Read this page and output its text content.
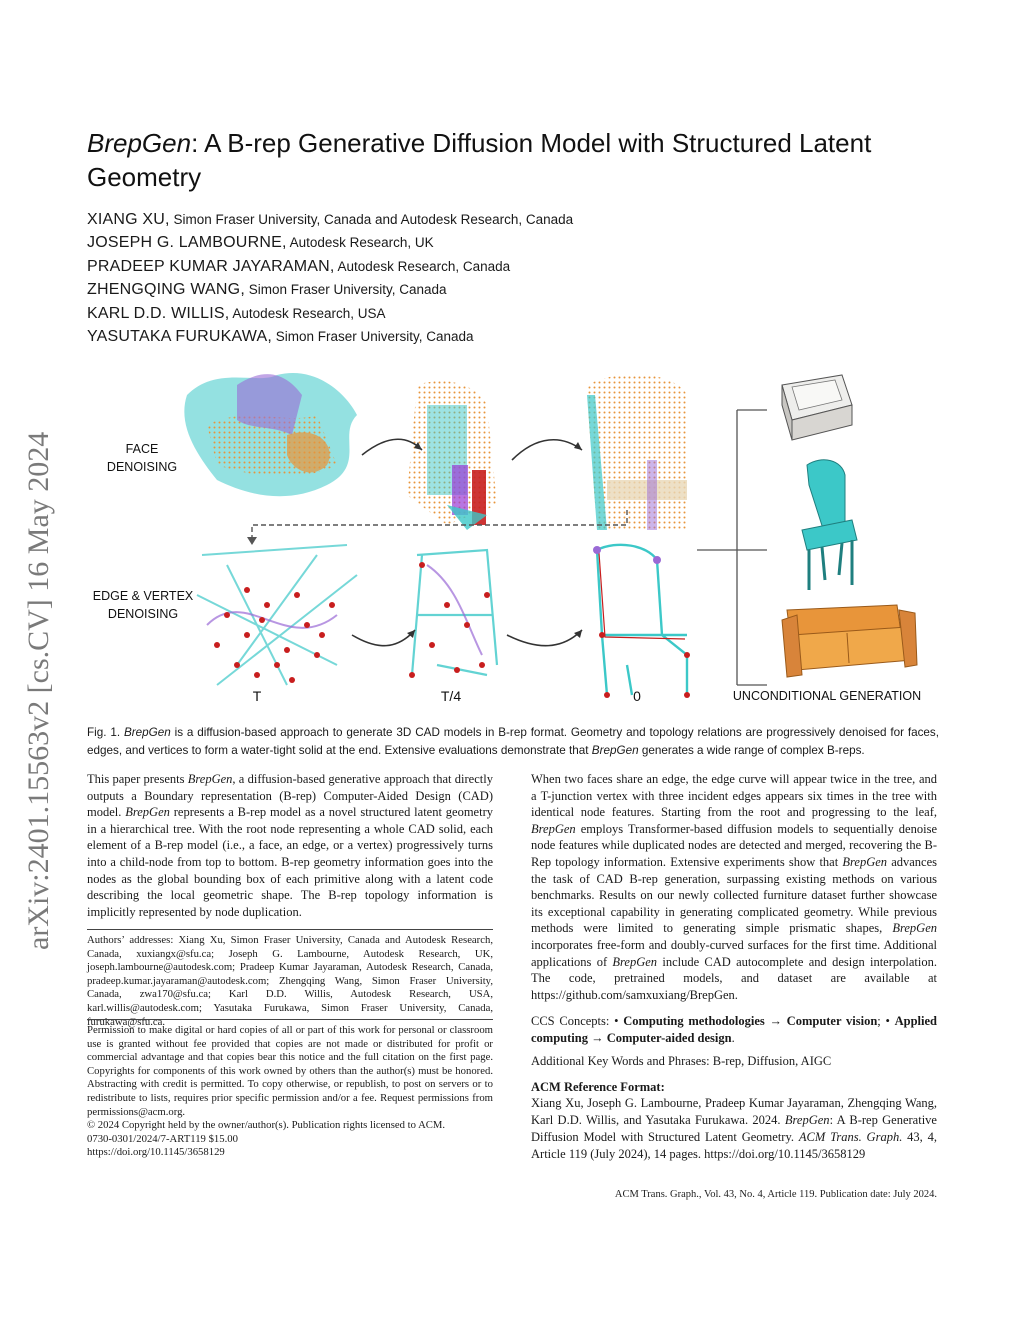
arXiv:2401.15563v2 [cs.CV] 16 May 2024
BrepGen: A B-rep Generative Diffusion Model with Structured Latent Geometry
XIANG XU, Simon Fraser University, Canada and Autodesk Research, Canada
JOSEPH G. LAMBOURNE, Autodesk Research, UK
PRADEEP KUMAR JAYARAMAN, Autodesk Research, Canada
ZHENGQING WANG, Simon Fraser University, Canada
KARL D.D. WILLIS, Autodesk Research, USA
YASUTAKA FURUKAWA, Simon Fraser University, Canada
FACE
DENOISING
EDGE & VERTEX
DENOISING
T	T/4	0	UNCONDITIONAL GENERATION
Fig. 1. BrepGen is a diffusion-based approach to generate 3D CAD models in B-rep format. Geometry and topology relations are progressively denoised for faces, edges, and vertices to form a water-tight solid at the end. Extensive evaluations demonstrate that BrepGen generates a wide range of complex B-reps.

This paper presents BrepGen, a diffusion-based generative approach that directly outputs a Boundary representation (B-rep) Computer-Aided Design (CAD) model. BrepGen represents a B-rep model as a novel structured latent geometry in a hierarchical tree. With the root node representing a whole CAD solid, each element of a B-rep model (i.e., a face, an edge, or a vertex) progressively turns into a child-node from top to bottom. B-rep geometry information goes into the nodes as the global bounding box of each primitive along with a latent code describing the local geometric shape. The B-rep topology information is implicitly represented by node duplication.

Authors’ addresses: Xiang Xu, Simon Fraser University, Canada and Autodesk Research, Canada, xuxiangx@sfu.ca; Joseph G. Lambourne, Autodesk Research, UK, joseph.lambourne@autodesk.com; Pradeep Kumar Jayaraman, Autodesk Research, Canada, pradeep.kumar.jayaraman@autodesk.com; Zhengqing Wang, Simon Fraser University, Canada, zwa170@sfu.ca; Karl D.D. Willis, Autodesk Research, USA, karl.willis@autodesk.com; Yasutaka Furukawa, Simon Fraser University, Canada, furukawa@sfu.ca.
Permission to make digital or hard copies of all or part of this work for personal or classroom use is granted without fee provided that copies are not made or distributed for profit or commercial advantage and that copies bear this notice and the full citation on the first page. Copyrights for components of this work owned by others than the author(s) must be honored. Abstracting with credit is permitted. To copy otherwise, or republish, to post on servers or to redistribute to lists, requires prior specific permission and/or a fee. Request permissions from permissions@acm.org.
© 2024 Copyright held by the owner/author(s). Publication rights licensed to ACM.
0730-0301/2024/7-ART119 $15.00
https://doi.org/10.1145/3658129

When two faces share an edge, the edge curve will appear twice in the tree, and a T-junction vertex with three incident edges appears six times in the tree with identical node features. Starting from the root and progressing to the leaf, BrepGen employs Transformer-based diffusion models to sequentially denoise node features while duplicated nodes are detected and merged, recovering the B-Rep topology information. Extensive experiments show that BrepGen advances the task of CAD B-rep generation, surpassing existing methods on various benchmarks. Results on our newly collected furniture dataset further showcase its exceptional capability in generating complicated geometry. While previous methods were limited to generating simple prismatic shapes, BrepGen incorporates free-form and doubly-curved surfaces for the first time. Additional applications of BrepGen include CAD autocomplete and design interpolation. The code, pretrained models, and dataset are available at https://github.com/samxuxiang/BrepGen.

CCS Concepts: • Computing methodologies → Computer vision; • Applied computing → Computer-aided design.
Additional Key Words and Phrases: B-rep, Diffusion, AIGC
ACM Reference Format:
Xiang Xu, Joseph G. Lambourne, Pradeep Kumar Jayaraman, Zhengqing Wang, Karl D.D. Willis, and Yasutaka Furukawa. 2024. BrepGen: A B-rep Generative Diffusion Model with Structured Latent Geometry. ACM Trans. Graph. 43, 4, Article 119 (July 2024), 14 pages. https://doi.org/10.1145/3658129
ACM Trans. Graph., Vol. 43, No. 4, Article 119. Publication date: July 2024.
